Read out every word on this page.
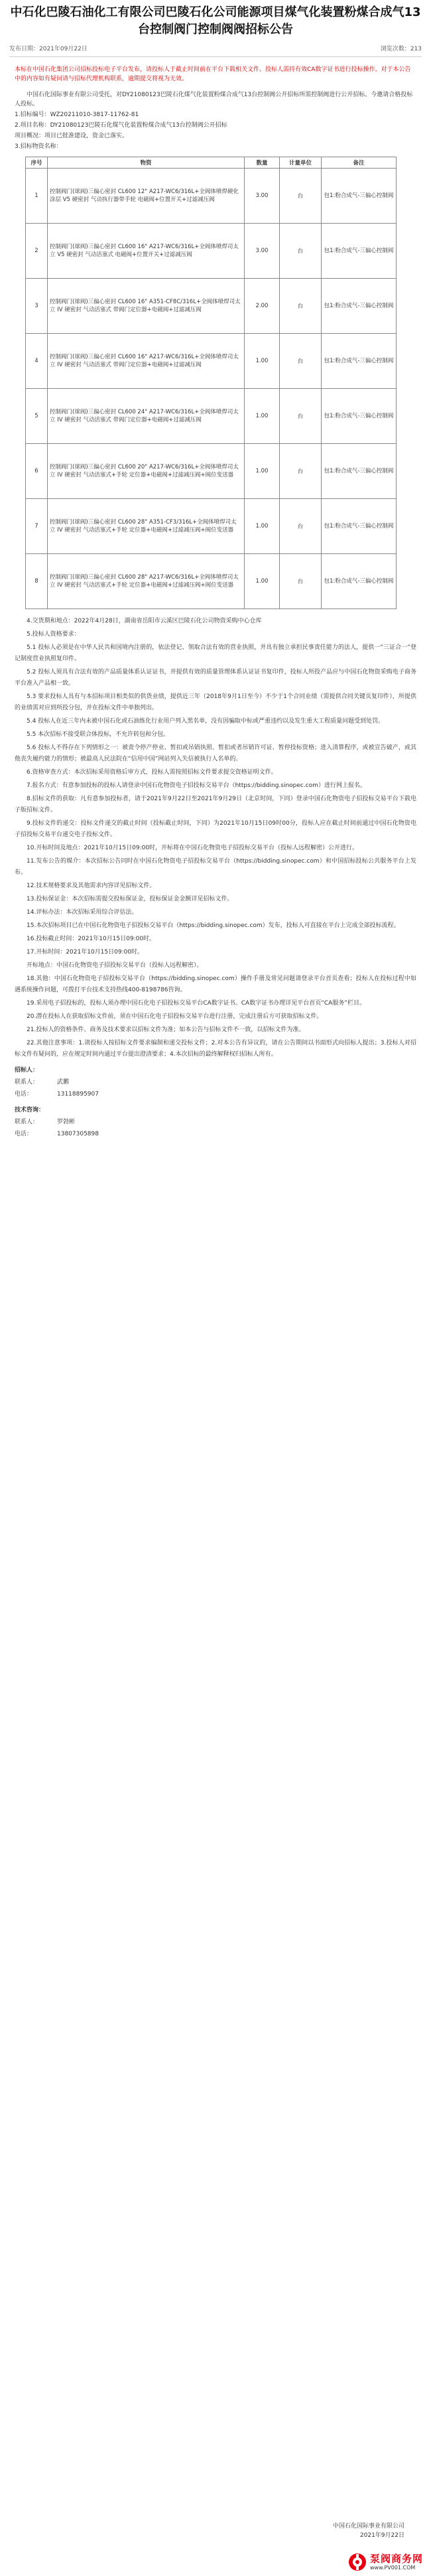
中石化巴陵石油化工有限公司巴陵石化公司能源项目煤气化装置粉煤合成气13台控制阀门控制阀阀招标公告
发布日期：2021年09月22日	浏览次数：213
本标在中国石化集团公司招标投标电子平台发布，请投标人于截止时间前在平台下载相关文件。投标人需持有效CA数字证书进行投标操作。对于本公告中的内容如有疑问请与招标代理机构联系，逾期提交将视为无效。

中国石化国际事业有限公司受托，对DY21080123巴陵石化煤气化装置粉煤合成气13台控制阀公开招标所需控制阀进行公开招标。今邀请合格投标人投标。

1.招标编号：WZ20211010-3817-11762-81

2.项目名称：DY21080123巴陵石化煤气化装置粉煤合成气13台控制阀公开招标

项目概况：项目已批准建设，资金已落实。

3.招标物资名称：

序号	物资	数量	计量单位	备注
1	控制阀门(球阀)三偏心密封 CL600 12" A217-WC6/316L+全阀体喷焊硬化涂层 V5 硬密封 气动执行器带手轮 电磁阀+位置开关+过滤减压阀	3.00	台	包1:粉合成气-三偏心控制阀
2	控制阀门(球阀)三偏心密封 CL600 16" A217-WC6/316L+全阀体喷焊司太立 V5 硬密封 气动活塞式 电磁阀+位置开关+过滤减压阀	3.00	台	包1:粉合成气-三偏心控制阀
3	控制阀门(球阀)三偏心密封 CL600 16" A351-CF8C/316L+全阀体喷焊司太立 IV 硬密封 气动活塞式 带阀门定位器+电磁阀+过滤减压阀	2.00	台	包1:粉合成气-三偏心控制阀
4	控制阀门(球阀)三偏心密封 CL600 16" A217-WC6/316L+全阀体喷焊司太立 IV 硬密封 气动活塞式 带阀门定位器+电磁阀+过滤减压阀	1.00	台	包1:粉合成气-三偏心控制阀
5	控制阀门(球阀)三偏心密封 CL600 24" A217-WC6/316L+全阀体喷焊司太立 IV 硬密封 气动活塞式 带阀门定位器+电磁阀+过滤减压阀	1.00	台	包1:粉合成气-三偏心控制阀
6	控制阀门(球阀)三偏心密封 CL600 20" A217-WC6/316L+全阀体喷焊司太立 IV 硬密封 气动活塞式+手轮 定位器+电磁阀+过滤减压阀+阀位变送器	1.00	台	包1:粉合成气-三偏心控制阀
7	控制阀门(球阀)三偏心密封 CL600 28" A351-CF3/316L+全阀体喷焊司太立 IV 硬密封 气动活塞式+手轮 定位器+电磁阀+过滤减压阀+阀位变送器	1.00	台	包1:粉合成气-三偏心控制阀
8	控制阀门(球阀)三偏心密封 CL600 28" A217-WC6/316L+全阀体喷焊司太立 IV 硬密封 气动活塞式+手轮 定位器+电磁阀+过滤减压阀+阀位变送器	1.00	台	包1:粉合成气-三偏心控制阀

4.交货期和地点：2022年4月28日，湖南省岳阳市云溪区巴陵石化公司物资采购中心仓库

5.投标人资格要求：

5.1 投标人必须是在中华人民共和国境内注册的，依法登记、领取合法有效的营业执照，并具有独立承担民事责任能力的法人，提供一“三证合一”登记制度营业执照复印件。

5.2 投标人须具有合法有效的产品质量体系认证证书，并提供有效的质量管理体系认证证书复印件，投标人所投产品应与中国石化物资采购电子商务平台准入产品相一致。

5.3 要求投标人具有与本招标项目相类似的供货业绩，提供近三年（2018年9月1日至今）不少于1个合同业绩（需提供合同关键页复印件），所提供的业绩需对应到所投分包，并在投标文件中单独列出。

5.4 投标人在近三年内未被中国石化或石油炼化行业用户列入黑名单，没有因骗取中标或严重违约以及发生重大工程质量问题受到处罚。

5.5 本次招标不接受联合体投标，不允许转包和分包。

5.6 投标人不得存在下列情形之一：被责令停产停业、暂扣或吊销执照、暂扣或者吊销许可证、暂停投标资格；进入清算程序，或被宣告破产，或其他丧失履约能力的情形；被最高人民法院在“信用中国”网站列入失信被执行人名单的。

6.资格审查方式：本次招标采用资格后审方式，投标人需按照招标文件要求提交资格证明文件。

7.报名方式：有意参加投标的投标人请登录中国石化物资电子招投标交易平台（https://bidding.sinopec.com）进行网上报名。

8.招标文件的获取：凡有意参加投标者，请于2021年9月22日至2021年9月29日（北京时间，下同）登录中国石化物资电子招投标交易平台下载电子版招标文件。

9.投标文件的递交：投标文件递交的截止时间（投标截止时间，下同）为2021年10月15日09时00分，投标人应在截止时间前通过中国石化物资电子招投标交易平台递交电子投标文件。

10.开标时间及地点：2021年10月15日09:00时，开标将在中国石化物资电子招投标交易平台（投标人远程解密）公开进行。

11.发布公告的媒介：本次招标公告同时在中国石化物资电子招投标交易平台（https://bidding.sinopec.com）和中国招标投标公共服务平台上发布。

12.技术规格要求及其他需求内容详见招标文件。

13.投标保证金：本次招标需提交投标保证金，投标保证金金额详见招标文件。

14.评标办法：本次招标采用综合评估法。

15.本次招标项目已在中国石化物资电子招投标交易平台（https://bidding.sinopec.com）发布，投标人可直接在平台上完成全部投标流程。

16.投标截止时间：2021年10月15日09:00时。

17.开标时间：2021年10月15日09:00时。

开标地点：中国石化物资电子招投标交易平台（投标人远程解密）。

18.其他：中国石化物资电子招投标交易平台（https://bidding.sinopec.com）操作手册及常见问题请登录平台首页查看；投标人在投标过程中如遇系统操作问题，可拨打平台技术支持热线400-8198786咨询。

19.采用电子招投标的，投标人须办理中国石化电子招投标交易平台CA数字证书。CA数字证书办理详见平台首页“CA服务”栏目。

20.潜在投标人在获取招标文件前，须在中国石化电子招投标交易平台进行注册，完成注册后方可获取招标文件。

21.投标人的资格条件、商务及技术要求以招标文件为准；如本公告与招标文件不一致，以招标文件为准。

22.其他注意事项：1.请投标人按招标文件要求编制和递交投标文件；2.对本公告有异议的，请在公告期间以书面形式向招标人提出；3.投标人对招标文件有疑问的，应在规定时间内通过平台提出澄清要求；4.本次招标的最终解释权归招标人所有。

招标人：
联系人：	武鹏
电话：	13118895907
技术咨询：
联系人：	罗勃彬
电话：	13807305898
中国石化国际事业有限公司
2021年9月22日
泵阀商务网
www.PV001.COM
